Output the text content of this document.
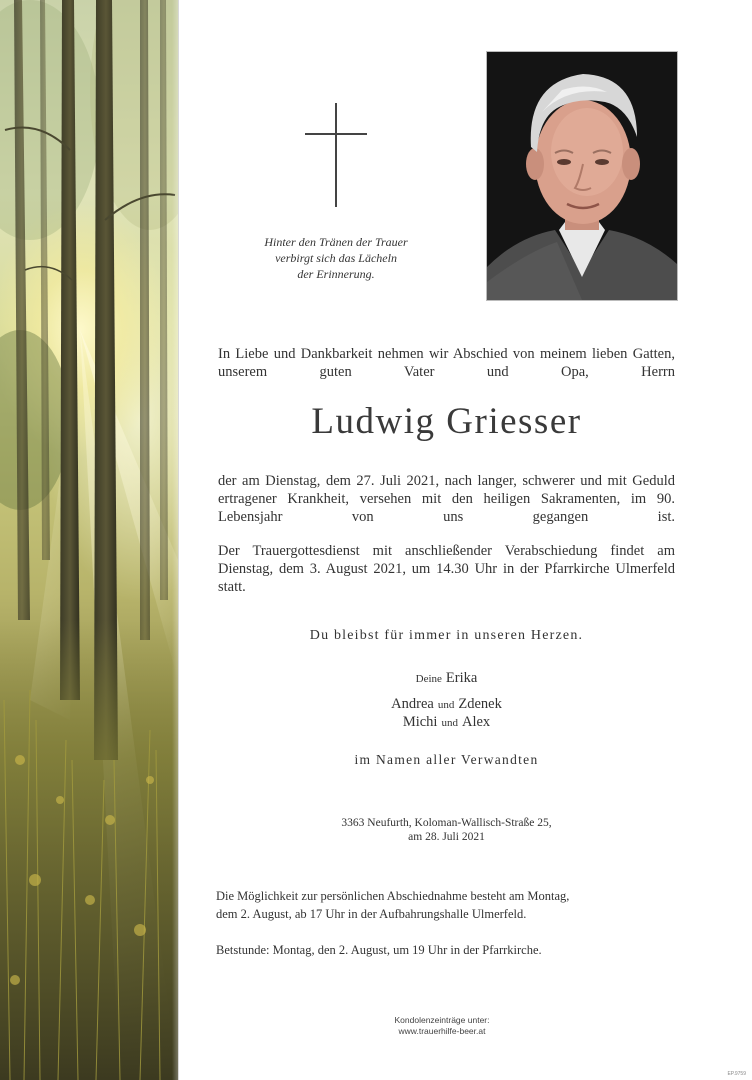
Hinter den Tränen der Trauer
verbirgt sich das Lächeln
der Erinnerung.
In Liebe und Dankbarkeit nehmen wir Abschied von meinem lieben Gatten, unserem guten Vater und Opa, Herrn
Ludwig Griesser
der am Dienstag, dem 27. Juli 2021, nach langer, schwerer und mit Geduld ertragener Krankheit, versehen mit den heiligen Sakramenten, im 90. Lebensjahr von uns gegangen ist.
Der Trauergottesdienst mit anschließender Verabschiedung findet am Dienstag, dem 3. August 2021, um 14.30 Uhr in der Pfarrkirche Ulmerfeld statt.
Du bleibst für immer in unseren Herzen.
Deine Erika
Andrea und Zdenek
Michi und Alex
im Namen aller Verwandten
3363 Neufurth, Koloman-Wallisch-Straße 25,
am 28. Juli 2021
Die Möglichkeit zur persönlichen Abschiednahme besteht am Montag,
dem 2. August, ab 17 Uhr in der Aufbahrungshalle Ulmerfeld.
Betstunde: Montag, den 2. August, um 19 Uhr in der Pfarrkirche.
Kondolenzeinträge unter:
www.trauerhilfe-beer.at
EP.9759
